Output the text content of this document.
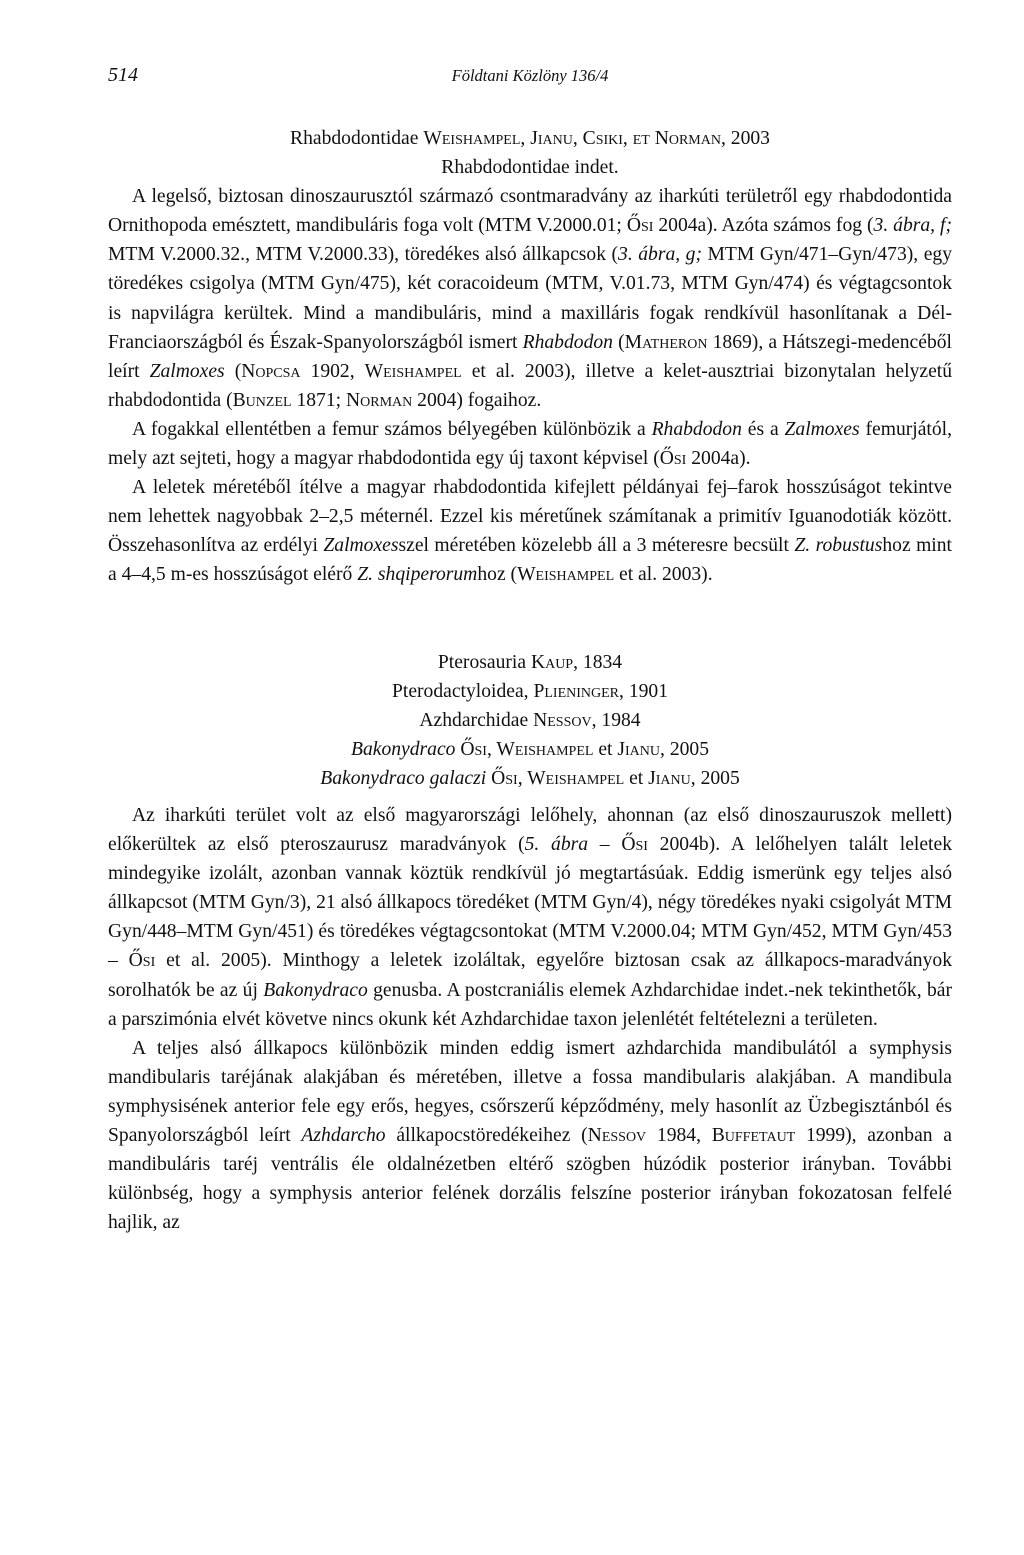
514	Földtani Közlöny 136/4

Rhabdodontidae Weishampel, Jianu, Csiki, et Norman, 2003

Rhabdodontidae indet.

A legelső, biztosan dinoszaurusztól származó csontmaradvány az iharkúti területről egy rhabdodontida Ornithopoda emésztett, mandibuláris foga volt (MTM V.2000.01; Ősi 2004a). Azóta számos fog (3. ábra, f; MTM V.2000.32., MTM V.2000.33), töredékes alsó állkapcsok (3. ábra, g; MTM Gyn/471–Gyn/473), egy töredékes csigolya (MTM Gyn/475), két coracoideum (MTM, V.01.73, MTM Gyn/474) és végtagcsontok is napvilágra kerültek. Mind a mandibuláris, mind a maxilláris fogak rendkívül hasonlítanak a Dél-Franciaországból és Észak-Spanyolországból ismert Rhabdodon (Matheron 1869), a Hátszegi-medencéből leírt Zalmoxes (Nopcsa 1902, Weishampel et al. 2003), illetve a kelet-ausztriai bizonytalan helyzetű rhabdodontida (Bunzel 1871; Norman 2004) fogaihoz.

A fogakkal ellentétben a femur számos bélyegében különbözik a Rhabdodon és a Zalmoxes femurjától, mely azt sejteti, hogy a magyar rhabdodontida egy új taxont képvisel (Ősi 2004a).

A leletek méretéből ítélve a magyar rhabdodontida kifejlett példányai fej–farok hosszúságot tekintve nem lehettek nagyobbak 2–2,5 méternél. Ezzel kis méretűnek számítanak a primitív Iguanodotiák között. Összehasonlítva az erdélyi Zalmoxesszel méretében közelebb áll a 3 méteresre becsült Z. robustushoz mint a 4–4,5 m-es hosszúságot elérő Z. shqiperorumhoz (Weishampel et al. 2003).

Pterosauria Kaup, 1834

Pterodactyloidea, Plieninger, 1901

Azhdarchidae Nessov, 1984

Bakonydraco Ősi, Weishampel et Jianu, 2005

Bakonydraco galaczi Ősi, Weishampel et Jianu, 2005

Az iharkúti terület volt az első magyarországi lelőhely, ahonnan (az első dinoszauruszok mellett) előkerültek az első pteroszaurusz maradványok (5. ábra – Ősi 2004b). A lelőhelyen talált leletek mindegyike izolált, azonban vannak köztük rendkívül jó megtartásúak. Eddig ismerünk egy teljes alsó állkapcsot (MTM Gyn/3), 21 alsó állkapocs töredéket (MTM Gyn/4), négy töredékes nyaki csigolyát MTM Gyn/448–MTM Gyn/451) és töredékes végtagcsontokat (MTM V.2000.04; MTM Gyn/452, MTM Gyn/453 – Ősi et al. 2005). Minthogy a leletek izoláltak, egyelőre biztosan csak az állkapocs-maradványok sorolhatók be az új Bakonydraco genusba. A postcraniális elemek Azhdarchidae indet.-nek tekinthetők, bár a parszimónia elvét követve nincs okunk két Azhdarchidae taxon jelenlétét feltételezni a területen.

A teljes alsó állkapocs különbözik minden eddig ismert azhdarchida mandibulától a symphysis mandibularis taréjának alakjában és méretében, illetve a fossa mandibularis alakjában. A mandibula symphysisének anterior fele egy erős, hegyes, csőrszerű képződmény, mely hasonlít az Üzbegisztánból és Spanyolországból leírt Azhdarcho állkapocstöredékeihez (Nessov 1984, Buffetaut 1999), azonban a mandibuláris taréj ventrális éle oldalnézetben eltérő szögben húzódik posterior irányban. További különbség, hogy a symphysis anterior felének dorzális felszíne posterior irányban fokozatosan felfelé hajlik, az
